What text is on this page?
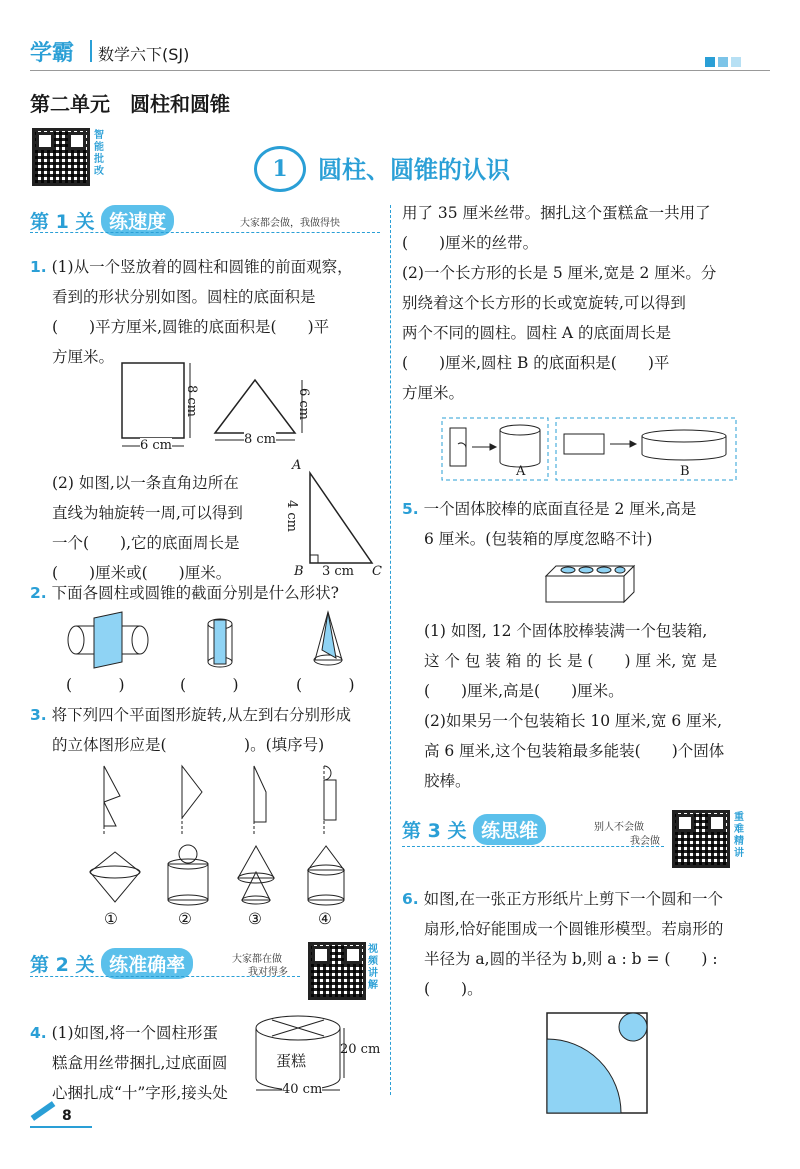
学霸 数学六下(SJ)
第二单元　圆柱和圆锥
智能批改	1	圆柱、圆锥的认识
第 1 关 练速度	大家都会做，我做得快
1. (1)从一个竖放着的圆柱和圆锥的前面观察，
看到的形状分别如图。圆柱的底面积是
(　　)平方厘米,圆锥的底面积是(　　)平
方厘米。
8 cm
6 cm
6 cm
8 cm
(2) 如图,以一条直角边所在
直线为轴旋转一周,可以得到
一个(　　),它的底面周长是
(　　)厘米或(　　)厘米。
A
B	C
4 cm
3 cm
2. 下面各圆柱或圆锥的截面分别是什么形状?
(　　　)	(　　　)	(　　　)
3. 将下列四个平面图形旋转,从左到右分别形成
的立体图形应是(　　　　　)。(填序号)
①	②	③	④
第 2 关 练准确率	大家都在做
我对得多
视频讲解
4. (1)如图,将一个圆柱形蛋
糕盒用丝带捆扎,过底面圆
心捆扎成“十”字形,接头处
蛋糕
20 cm
40 cm
8
用了 35 厘米丝带。捆扎这个蛋糕盒一共用了
(　　)厘米的丝带。
(2)一个长方形的长是 5 厘米,宽是 2 厘米。分
别绕着这个长方形的长或宽旋转,可以得到
两个不同的圆柱。圆柱 A 的底面周长是
(　　)厘米,圆柱 B 的底面积是(　　)平
方厘米。
A	B
5. 一个固体胶棒的底面直径是 2 厘米,高是
6 厘米。(包装箱的厚度忽略不计)
(1) 如图, 12 个固体胶棒装满一个包装箱,
这 个 包 装 箱 的 长 是 (　　) 厘 米, 宽 是
(　　)厘米,高是(　　)厘米。
(2)如果另一个包装箱长 10 厘米,宽 6 厘米,
高 6 厘米,这个包装箱最多能装(　　)个固体
胶棒。
第 3 关 练思维	别人不会做
我会做
重难精讲
6. 如图,在一张正方形纸片上剪下一个圆和一个
扇形,恰好能围成一个圆锥形模型。若扇形的
半径为 a,圆的半径为 b,则 a : b = (　　) :
(　　)。
